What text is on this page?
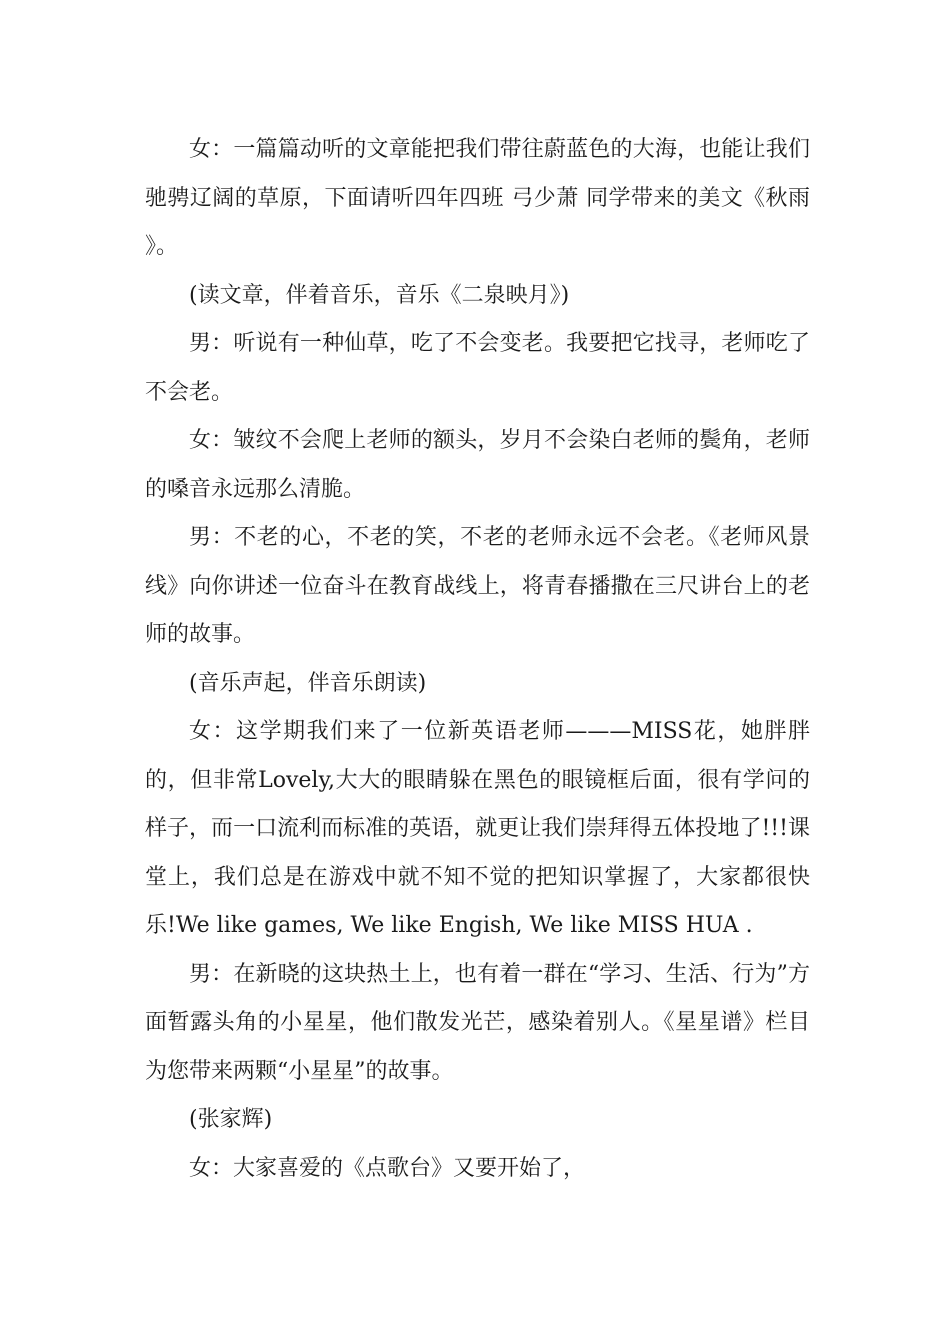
女：一篇篇动听的文章能把我们带往蔚蓝色的大海，也能让我们驰骋辽阔的草原，下面请听四年四班 弓少萧 同学带来的美文《秋雨 》。

(读文章，伴着音乐，音乐《二泉映月》)

男：听说有一种仙草，吃了不会变老。我要把它找寻，老师吃了不会老。

女：皱纹不会爬上老师的额头，岁月不会染白老师的鬓角，老师的嗓音永远那么清脆。

男：不老的心，不老的笑，不老的老师永远不会老。《老师风景线》向你讲述一位奋斗在教育战线上，将青春播撒在三尺讲台上的老师的故事。

(音乐声起，伴音乐朗读)

女：这学期我们来了一位新英语老师———MISS花，她胖胖的，但非常Lovely,大大的眼睛躲在黑色的眼镜框后面，很有学问的样子，而一口流利而标准的英语，就更让我们崇拜得五体投地了!!!课堂上，我们总是在游戏中就不知不觉的把知识掌握了，大家都很快乐!We like games, We like Engish, We like MISS HUA .

男：在新晓的这块热土上，也有着一群在“学习、生活、行为”方面暂露头角的小星星，他们散发光芒，感染着别人。《星星谱》栏目为您带来两颗“小星星”的故事。

(张家辉)

女：大家喜爱的《点歌台》又要开始了，
